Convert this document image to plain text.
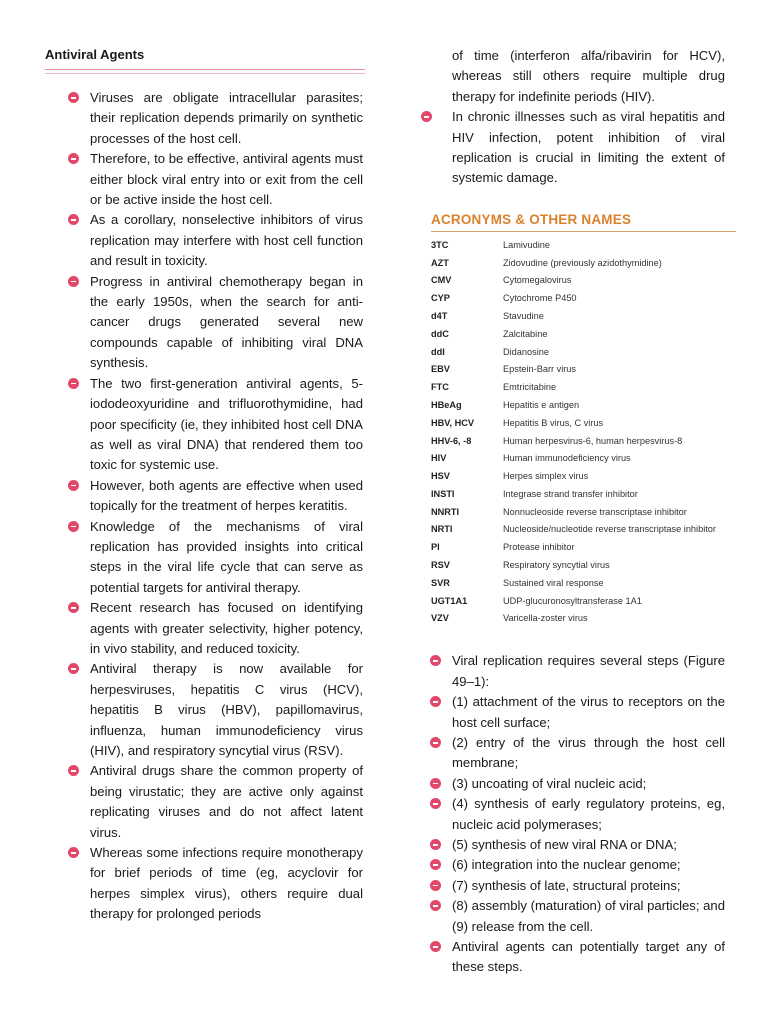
Antiviral Agents
Viruses are obligate intracellular parasites; their replication depends primarily on synthetic processes of the host cell.
Therefore, to be effective, antiviral agents must either block viral entry into or exit from the cell or be active inside the host cell.
As a corollary, nonselective inhibitors of virus replication may interfere with host cell function and result in toxicity.
Progress in antiviral chemotherapy began in the early 1950s, when the search for anti-cancer drugs generated several new compounds capable of inhibiting viral DNA synthesis.
The two first-generation antiviral agents, 5-iododeoxyuridine and trifluorothymidine, had poor specificity (ie, they inhibited host cell DNA as well as viral DNA) that rendered them too toxic for systemic use.
However, both agents are effective when used topically for the treatment of herpes keratitis.
Knowledge of the mechanisms of viral replication has provided insights into critical steps in the viral life cycle that can serve as potential targets for antiviral therapy.
Recent research has focused on identifying agents with greater selectivity, higher potency, in vivo stability, and reduced toxicity.
Antiviral therapy is now available for herpesviruses, hepatitis C virus (HCV), hepatitis B virus (HBV), papillomavirus, influenza, human immunodeficiency virus (HIV), and respiratory syncytial virus (RSV).
Antiviral drugs share the common property of being virustatic; they are active only against replicating viruses and do not affect latent virus.
Whereas some infections require monotherapy for brief periods of time (eg, acyclovir for herpes simplex virus), others require dual therapy for prolonged periods
of time (interferon alfa/ribavirin for HCV), whereas still others require multiple drug therapy for indefinite periods (HIV).
In chronic illnesses such as viral hepatitis and HIV infection, potent inhibition of viral replication is crucial in limiting the extent of systemic damage.
ACRONYMS & OTHER NAMES
3TC	Lamivudine
AZT	Zidovudine (previously azidothymidine)
CMV	Cytomegalovirus
CYP	Cytochrome P450
d4T	Stavudine
ddC	Zalcitabine
ddI	Didanosine
EBV	Epstein-Barr virus
FTC	Emtricitabine
HBeAg	Hepatitis e antigen
HBV, HCV	Hepatitis B virus, C virus
HHV-6, -8	Human herpesvirus-6, human herpesvirus-8
HIV	Human immunodeficiency virus
HSV	Herpes simplex virus
INSTI	Integrase strand transfer inhibitor
NNRTI	Nonnucleoside reverse transcriptase inhibitor
NRTI	Nucleoside/nucleotide reverse transcriptase inhibitor
PI	Protease inhibitor
RSV	Respiratory syncytial virus
SVR	Sustained viral response
UGT1A1	UDP-glucuronosyltransferase 1A1
VZV	Varicella-zoster virus
Viral replication requires several steps (Figure 49–1):
(1) attachment of the virus to receptors on the host cell surface;
(2) entry of the virus through the host cell membrane;
(3) uncoating of viral nucleic acid;
(4) synthesis of early regulatory proteins, eg, nucleic acid polymerases;
(5) synthesis of new viral RNA or DNA;
(6) integration into the nuclear genome;
(7) synthesis of late, structural proteins;
(8) assembly (maturation) of viral particles; and (9) release from the cell.
Antiviral agents can potentially target any of these steps.
